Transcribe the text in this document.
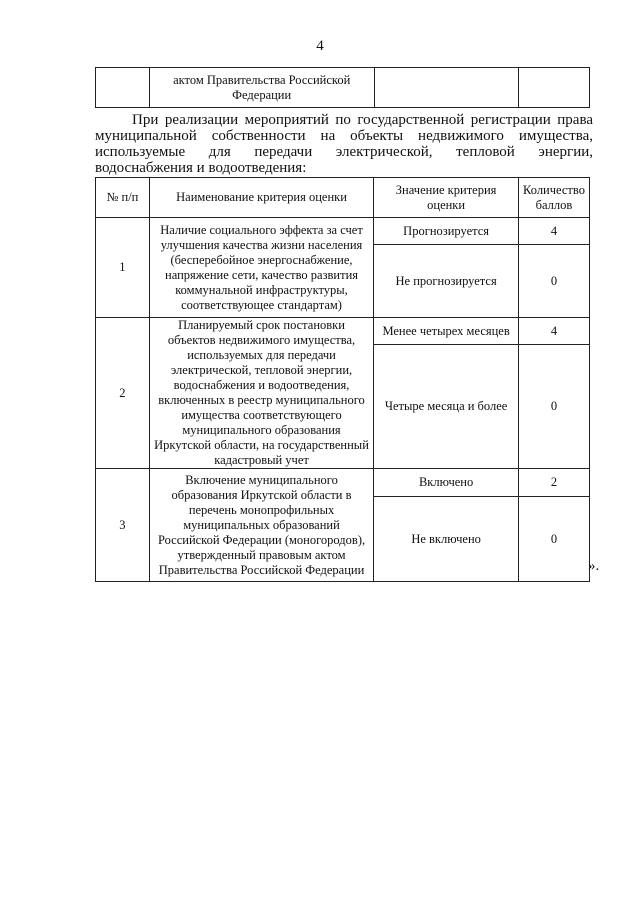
4
	актом Правительства Российской Федерации		
При реализации мероприятий по государственной регистрации права муниципальной собственности на объекты недвижимого имущества, используемые для передачи электрической, тепловой энергии, водоснабжения и водоотведения:
№ п/п	Наименование критерия оценки	Значение критерия оценки	Количество баллов
1	Наличие социального эффекта за счет улучшения качества жизни населения (бесперебойное энергоснабжение, напряжение сети, качество развития коммунальной инфраструктуры, соответствующее стандартам)	Прогнозируется	4
		Не прогнозируется	0
2	Планируемый срок постановки объектов недвижимого имущества, используемых для передачи электрической, тепловой энергии, водоснабжения и водоотведения, включенных в реестр муниципального имущества соответствующего муниципального образования Иркутской области, на государственный кадастровый учет	Менее четырех месяцев	4
		Четыре месяца и более	0
3	Включение муниципального образования Иркутской области в перечень монопрофильных муниципальных образований Российской Федерации (моногородов), утвержденный правовым актом Правительства Российской Федерации	Включено	2
		Не включено	0
».
